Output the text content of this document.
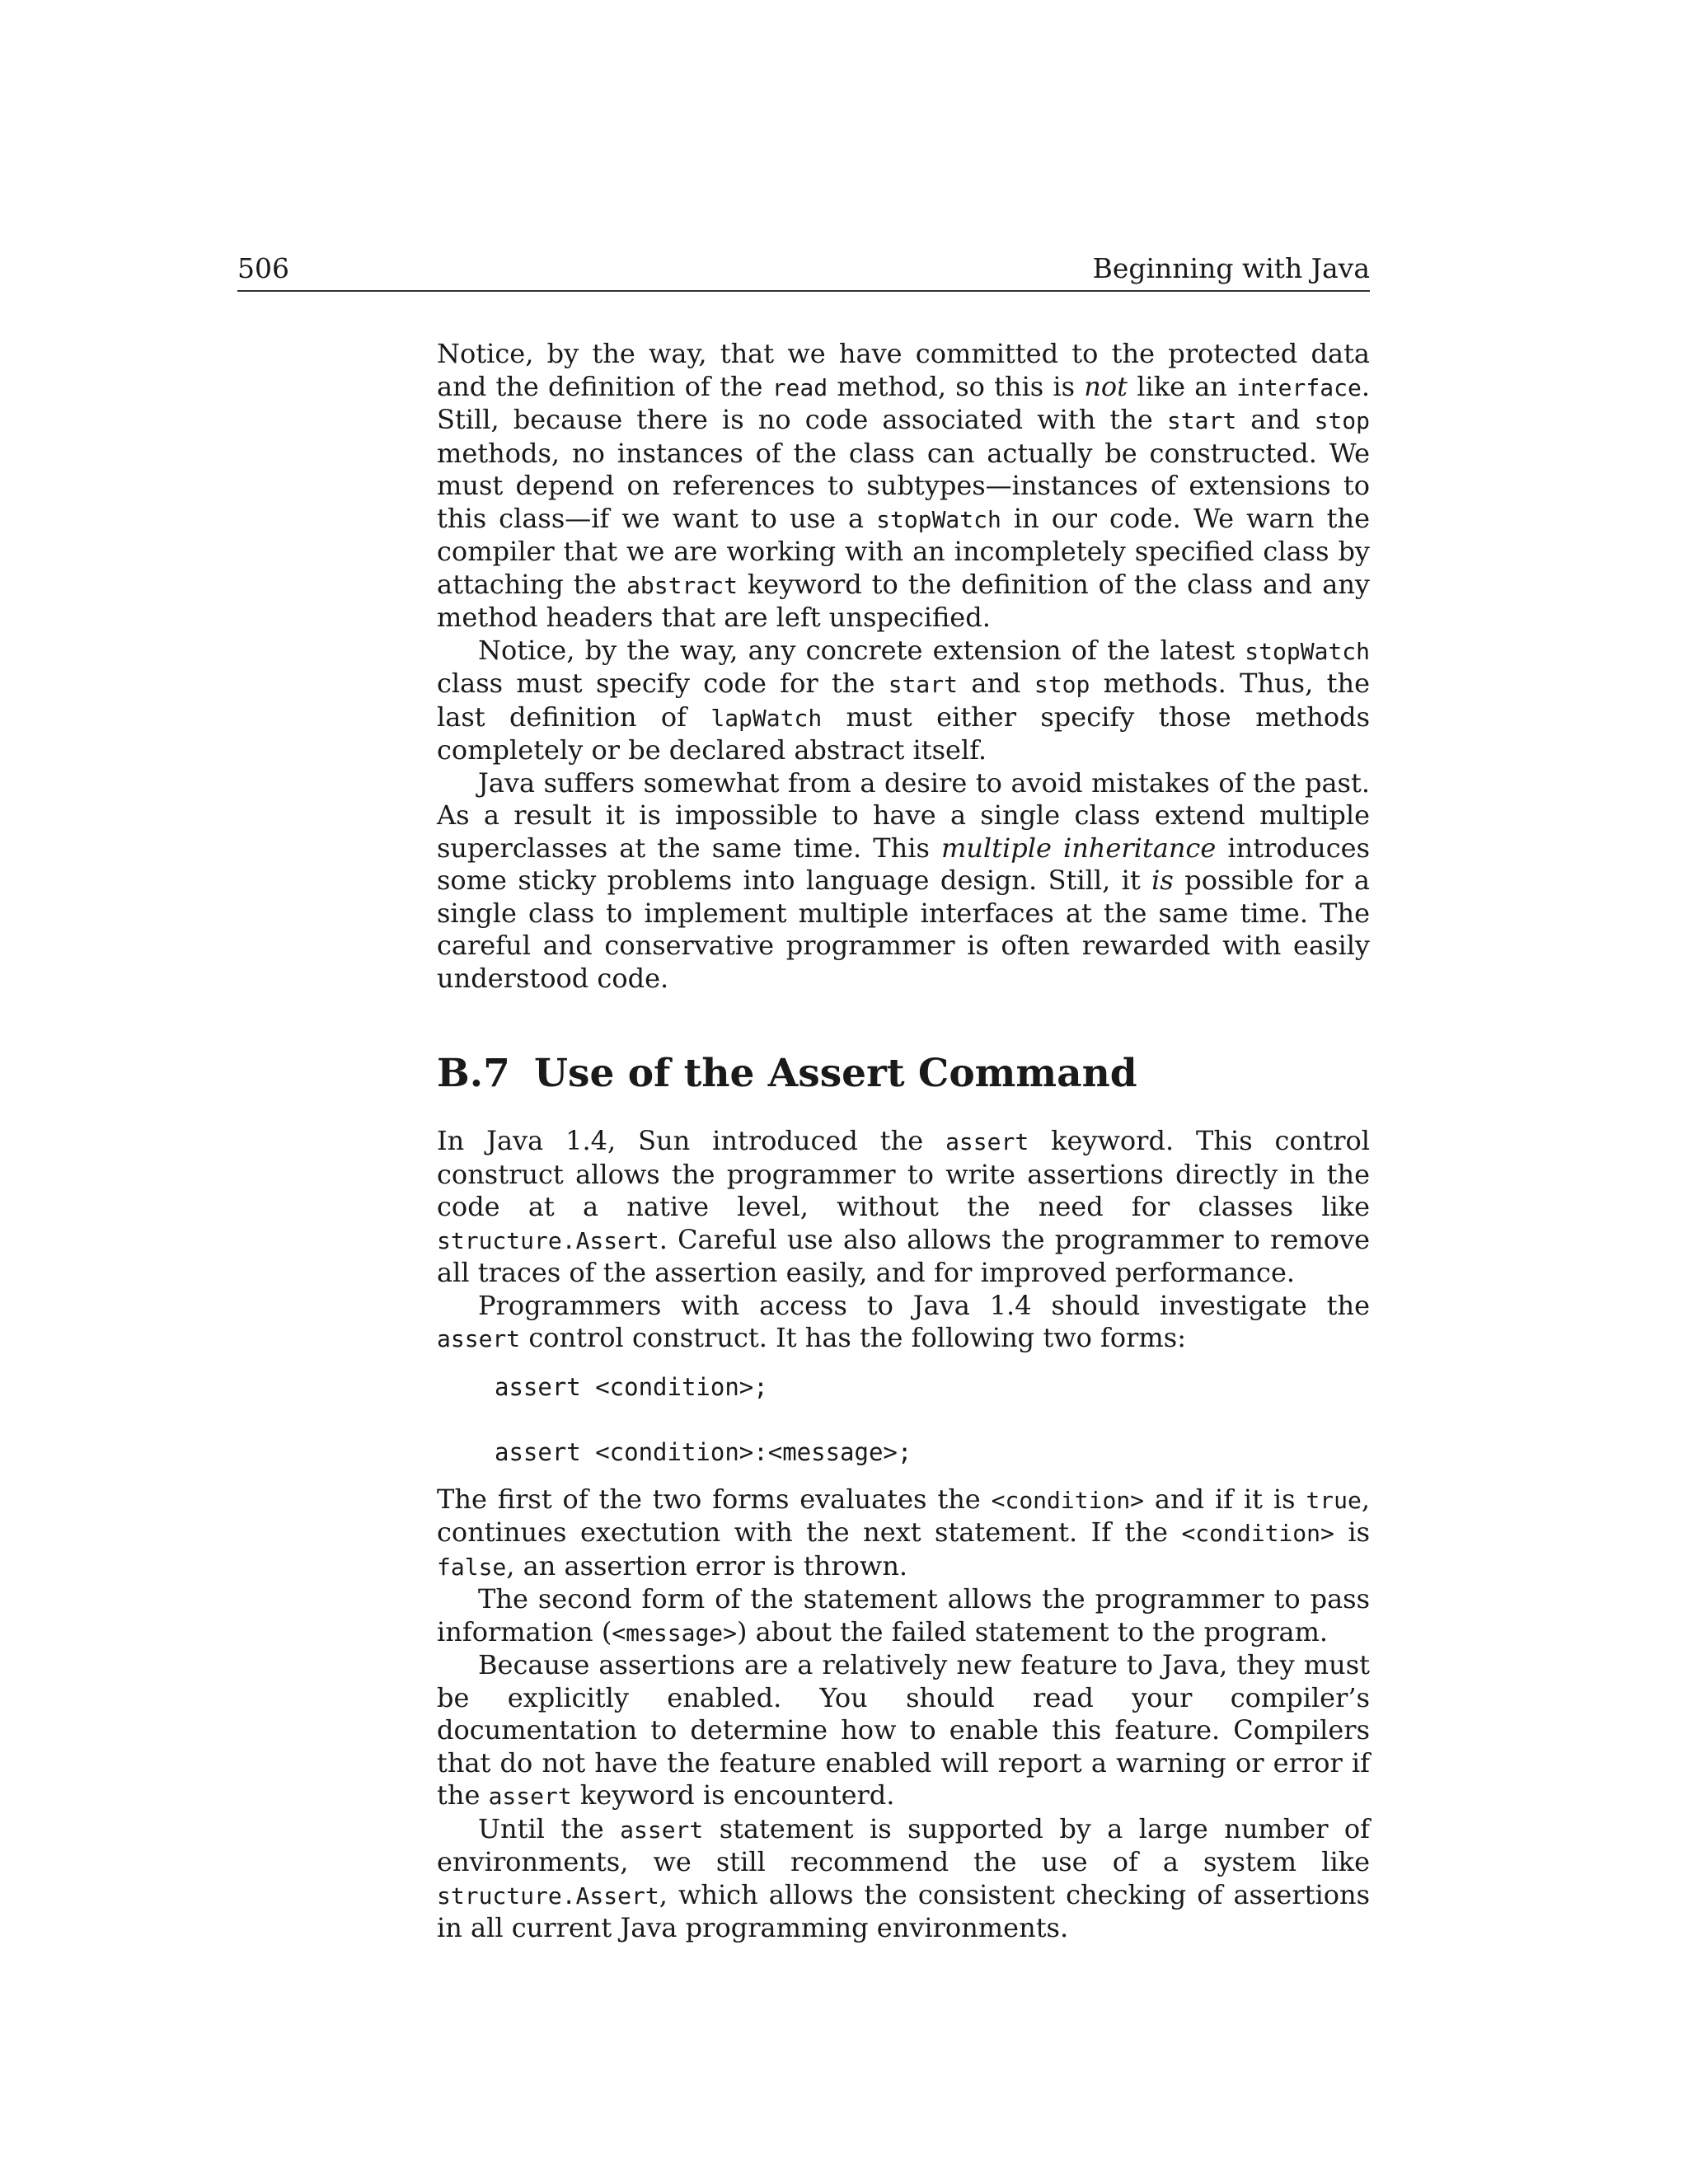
506	Beginning with Java

Notice, by the way, that we have committed to the protected data and the definition of the read method, so this is not like an interface. Still, because there is no code associated with the start and stop methods, no instances of the class can actually be constructed. We must depend on references to subtypes—instances of extensions to this class—if we want to use a stopWatch in our code. We warn the compiler that we are working with an incompletely specified class by attaching the abstract keyword to the definition of the class and any method headers that are left unspecified.

Notice, by the way, any concrete extension of the latest stopWatch class must specify code for the start and stop methods. Thus, the last definition of lapWatch must either specify those methods completely or be declared abstract itself.

Java suffers somewhat from a desire to avoid mistakes of the past. As a result it is impossible to have a single class extend multiple superclasses at the same time. This multiple inheritance introduces some sticky problems into language design. Still, it is possible for a single class to implement multiple interfaces at the same time. The careful and conservative programmer is often rewarded with easily understood code.

B.7 Use of the Assert Command

In Java 1.4, Sun introduced the assert keyword. This control construct allows the programmer to write assertions directly in the code at a native level, without the need for classes like structure.Assert. Careful use also allows the programmer to remove all traces of the assertion easily, and for improved performance.

Programmers with access to Java 1.4 should investigate the assert control construct. It has the following two forms:

assert <condition>;
assert <condition>:<message>;

The first of the two forms evaluates the <condition> and if it is true, continues exectution with the next statement. If the <condition> is false, an assertion error is thrown.

The second form of the statement allows the programmer to pass information (<message>) about the failed statement to the program.

Because assertions are a relatively new feature to Java, they must be explicitly enabled. You should read your compiler’s documentation to determine how to enable this feature. Compilers that do not have the feature enabled will report a warning or error if the assert keyword is encounterd.

Until the assert statement is supported by a large number of environments, we still recommend the use of a system like structure.Assert, which allows the consistent checking of assertions in all current Java programming environments.
